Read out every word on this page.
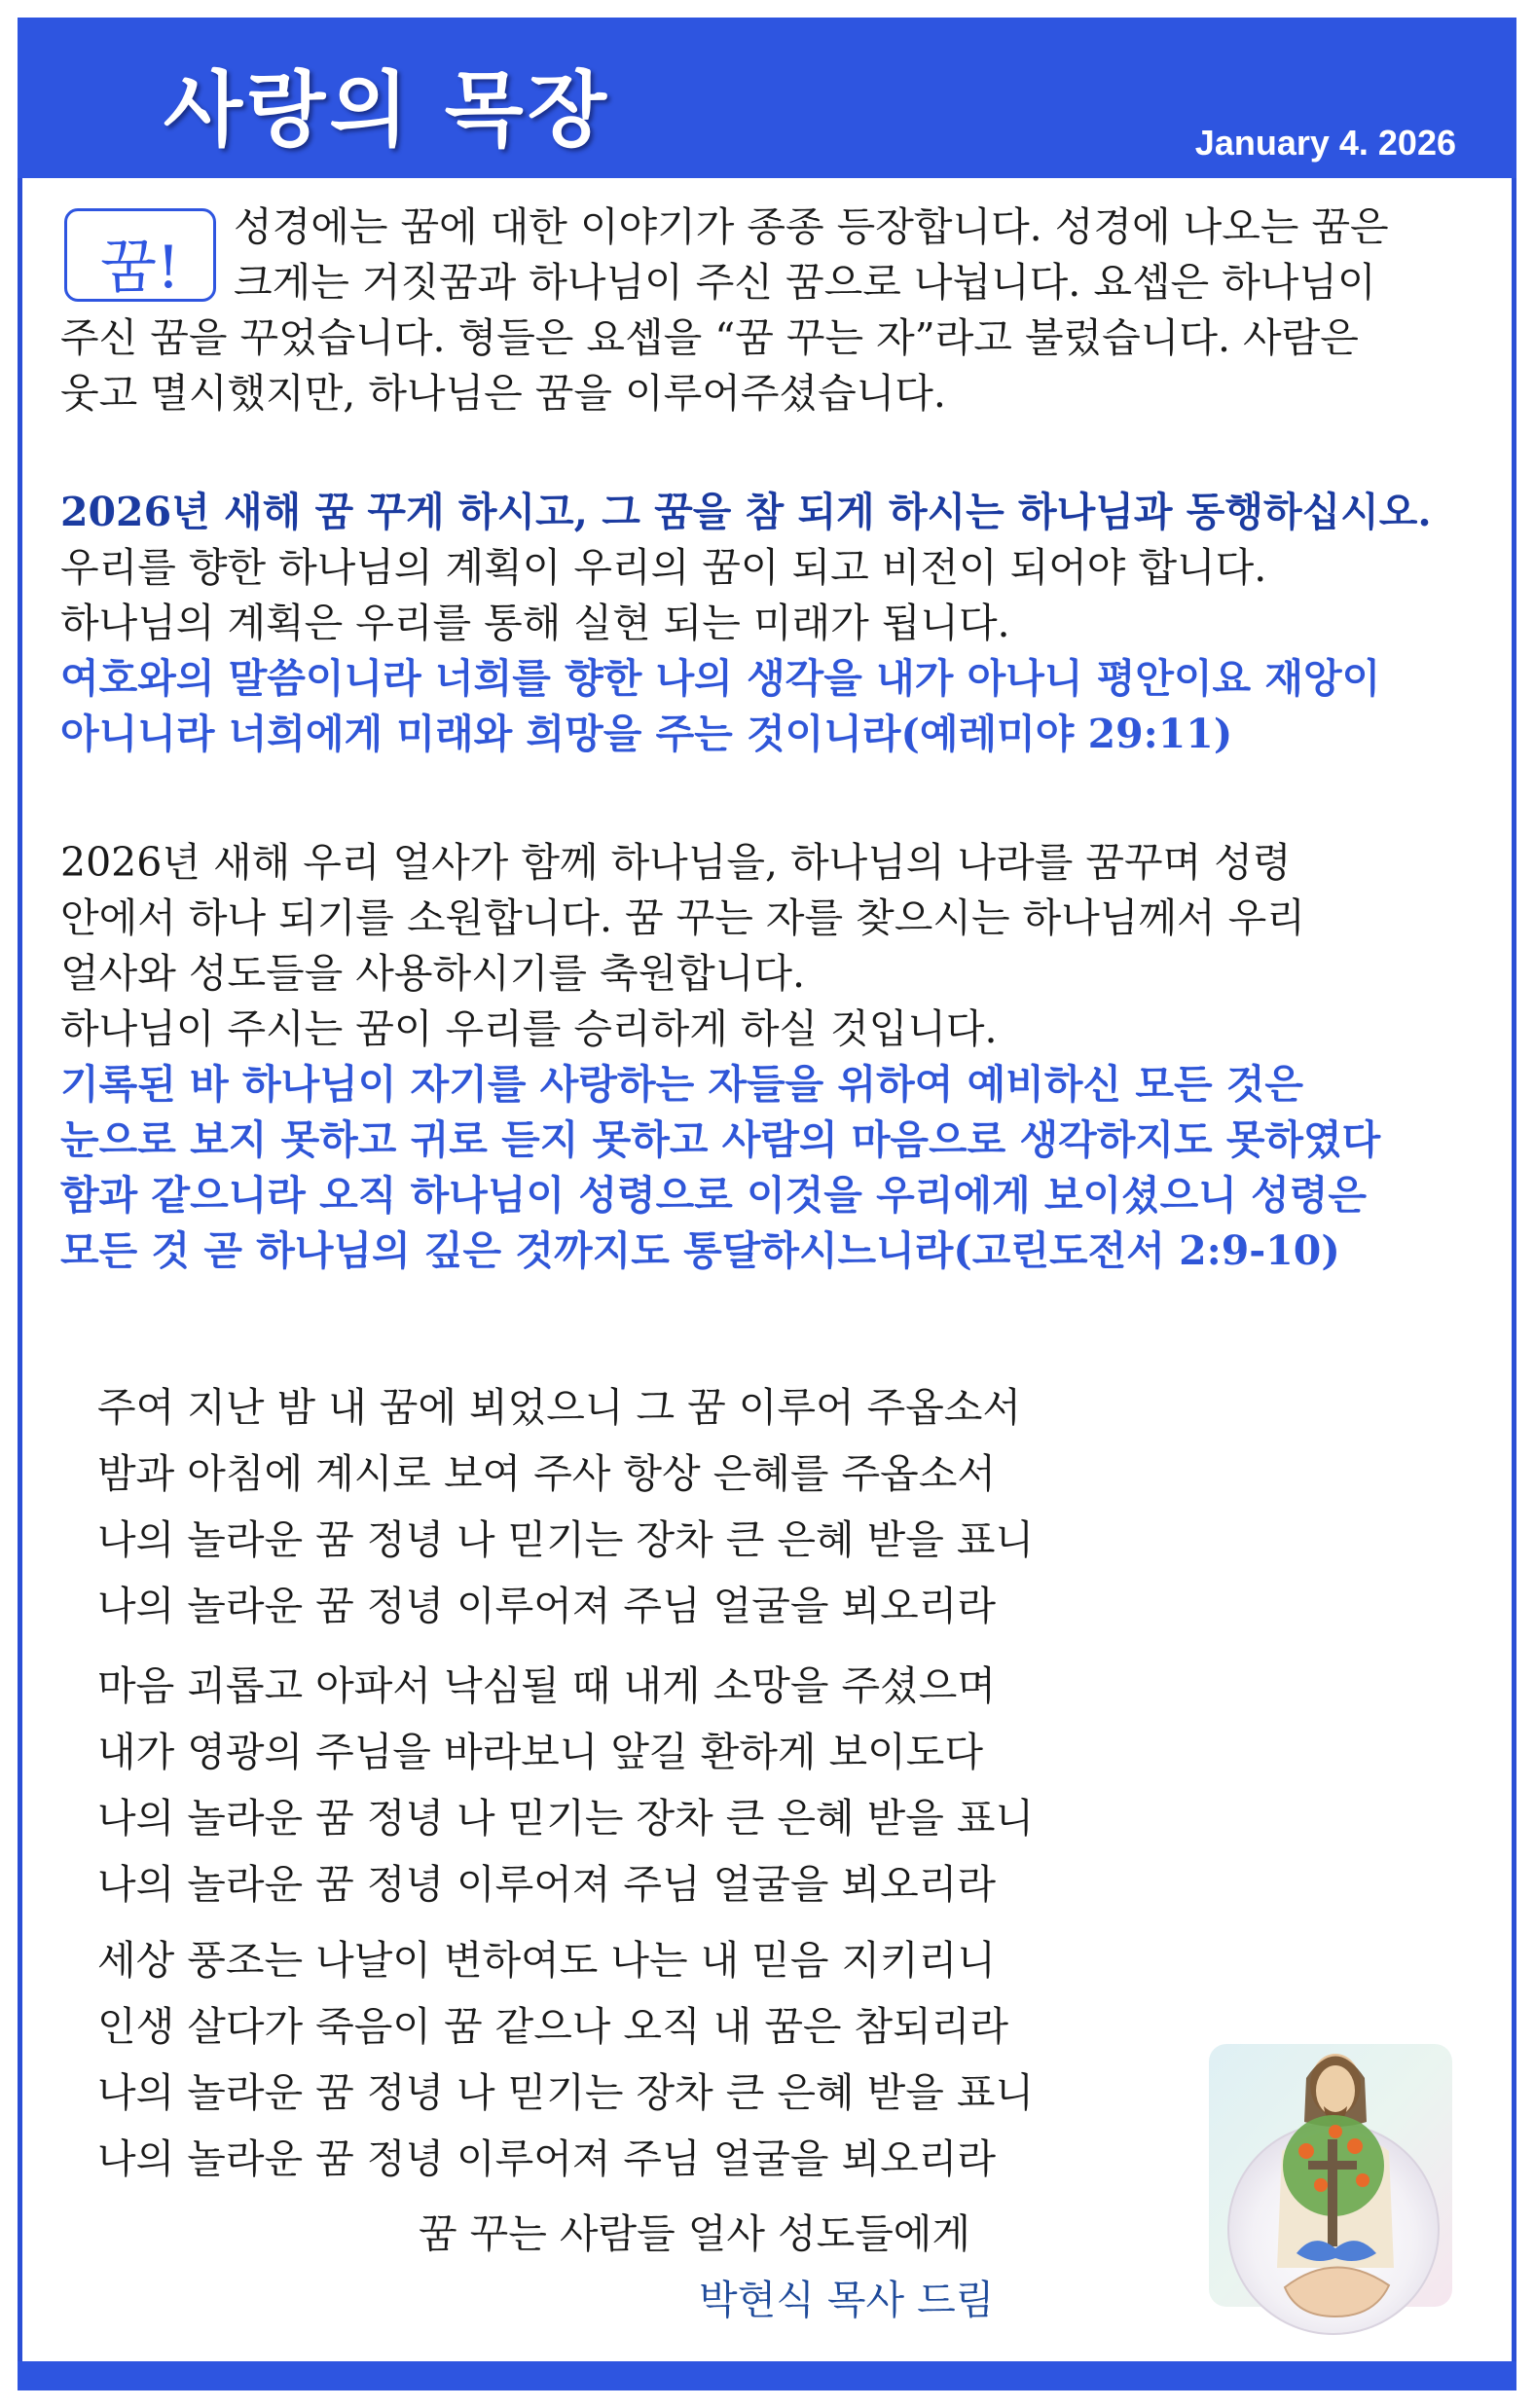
사랑의 목장	January 4. 2026
꿈!
성경에는 꿈에 대한 이야기가 종종 등장합니다. 성경에 나오는 꿈은
크게는 거짓꿈과 하나님이 주신 꿈으로 나뉩니다. 요셉은 하나님이
주신 꿈을 꾸었습니다. 형들은 요셉을 “꿈 꾸는 자”라고 불렀습니다. 사람은
웃고 멸시했지만, 하나님은 꿈을 이루어주셨습니다.
2026년 새해 꿈 꾸게 하시고, 그 꿈을 참 되게 하시는 하나님과 동행하십시오.
우리를 향한 하나님의 계획이 우리의 꿈이 되고 비전이 되어야 합니다.
하나님의 계획은 우리를 통해 실현 되는 미래가 됩니다.
여호와의 말씀이니라 너희를 향한 나의 생각을 내가 아나니 평안이요 재앙이
아니니라 너희에게 미래와 희망을 주는 것이니라(예레미야 29:11)
2026년 새해 우리 얼사가 함께 하나님을, 하나님의 나라를 꿈꾸며 성령
안에서 하나 되기를 소원합니다. 꿈 꾸는 자를 찾으시는 하나님께서 우리
얼사와 성도들을 사용하시기를 축원합니다.
하나님이 주시는 꿈이 우리를 승리하게 하실 것입니다.
기록된 바 하나님이 자기를 사랑하는 자들을 위하여 예비하신 모든 것은
눈으로 보지 못하고 귀로 듣지 못하고 사람의 마음으로 생각하지도 못하였다
함과 같으니라 오직 하나님이 성령으로 이것을 우리에게 보이셨으니 성령은
모든 것 곧 하나님의 깊은 것까지도 통달하시느니라(고린도전서 2:9-10)
주여 지난 밤 내 꿈에 뵈었으니 그 꿈 이루어 주옵소서
밤과 아침에 계시로 보여 주사 항상 은혜를 주옵소서
나의 놀라운 꿈 정녕 나 믿기는 장차 큰 은혜 받을 표니
나의 놀라운 꿈 정녕 이루어져 주님 얼굴을 뵈오리라
마음 괴롭고 아파서 낙심될 때 내게 소망을 주셨으며
내가 영광의 주님을 바라보니 앞길 환하게 보이도다
나의 놀라운 꿈 정녕 나 믿기는 장차 큰 은혜 받을 표니
나의 놀라운 꿈 정녕 이루어져 주님 얼굴을 뵈오리라
세상 풍조는 나날이 변하여도 나는 내 믿음 지키리니
인생 살다가 죽음이 꿈 같으나 오직 내 꿈은 참되리라
나의 놀라운 꿈 정녕 나 믿기는 장차 큰 은혜 받을 표니
나의 놀라운 꿈 정녕 이루어져 주님 얼굴을 뵈오리라
꿈 꾸는 사람들 얼사 성도들에게
박현식 목사 드림
